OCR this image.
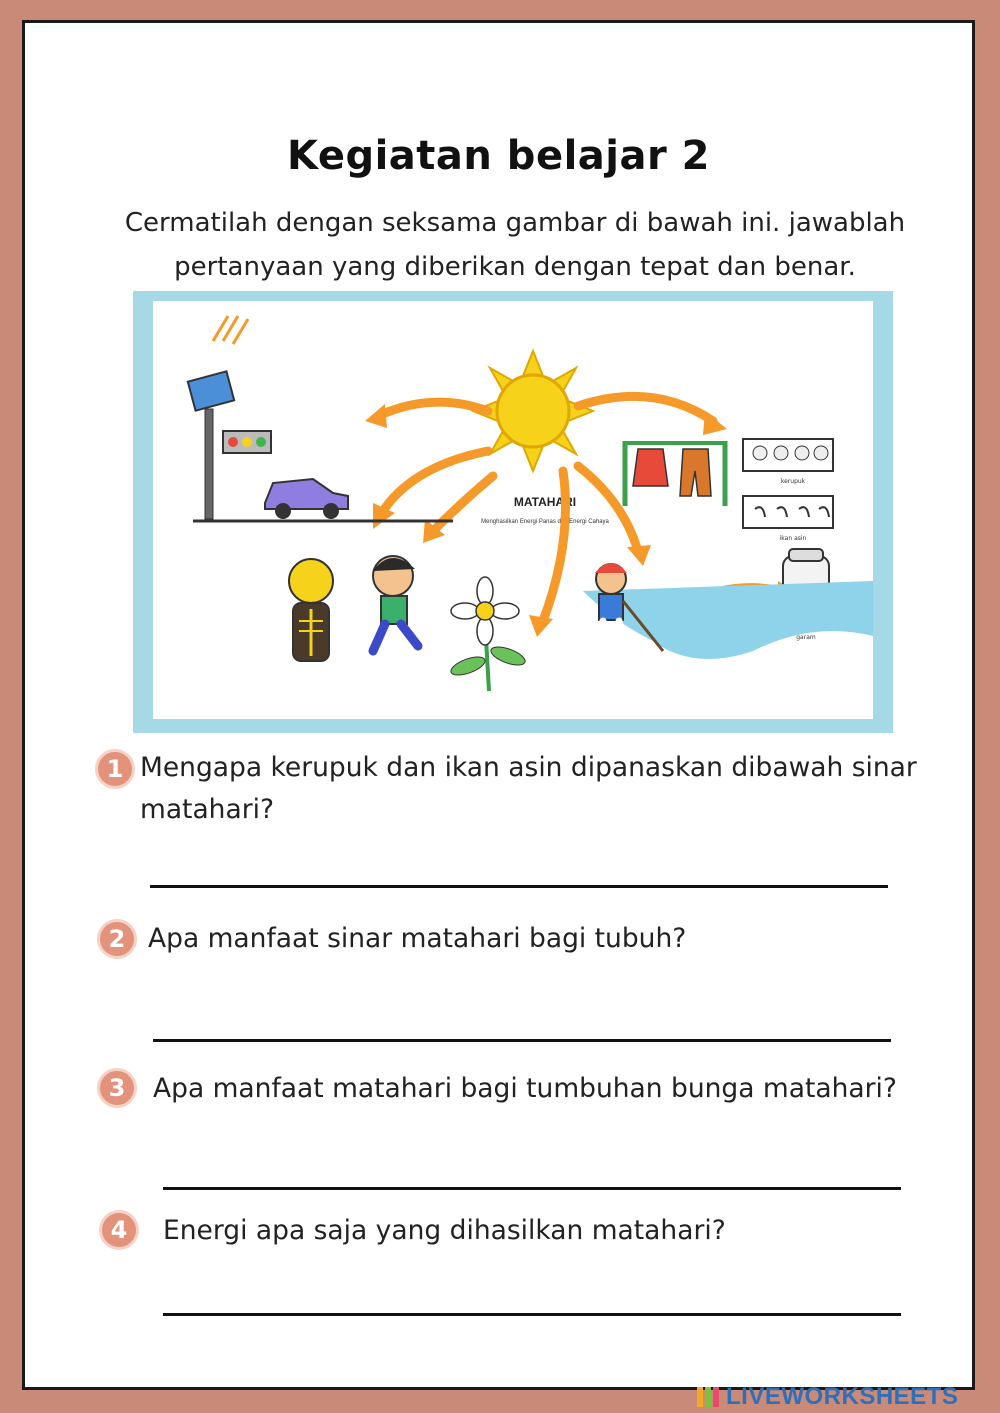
Kegiatan belajar 2
Cermatilah dengan seksama gambar di bawah ini. jawablah pertanyaan yang diberikan dengan tepat dan benar.
MATAHARI
Menghasilkan Energi Panas dan Energi Cahaya
kerupuk
ikan asin
garam
1 Mengapa kerupuk dan ikan asin dipanaskan dibawah sinar matahari?
2 Apa manfaat sinar matahari bagi tubuh?
3	Apa manfaat matahari bagi tumbuhan bunga matahari?
4	Energi apa saja yang dihasilkan matahari?
LIVEWORKSHEETS
